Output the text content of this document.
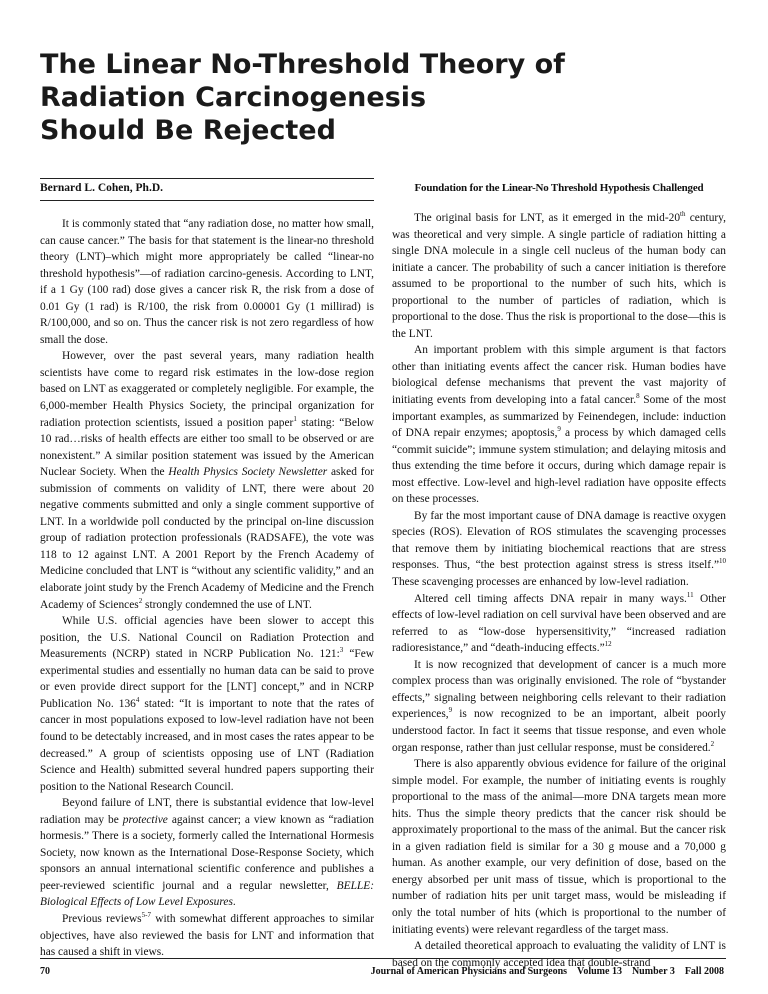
The Linear No-Threshold Theory of
Radiation Carcinogenesis
Should Be Rejected
Bernard L. Cohen, Ph.D.	Foundation for the Linear-No Threshold Hypothesis Challenged

It is commonly stated that “any radiation dose, no matter how small, can cause cancer.” The basis for that statement is the linear-no threshold theory (LNT)–which might more appropriately be called “linear-no threshold hypothesis”—of radiation carcino-genesis. According to LNT, if a 1 Gy (100 rad) dose gives a cancer risk R, the risk from a dose of 0.01 Gy (1 rad) is R/100, the risk from 0.00001 Gy (1 millirad) is R/100,000, and so on. Thus the cancer risk is not zero regardless of how small the dose.

However, over the past several years, many radiation health scientists have come to regard risk estimates in the low-dose region based on LNT as exaggerated or completely negligible. For example, the 6,000-member Health Physics Society, the principal organization for radiation protection scientists, issued a position paper$^1$ stating: “Below 10 rad…risks of health effects are either too small to be observed or are nonexistent.” A similar position statement was issued by the American Nuclear Society. When the Health Physics Society Newsletter asked for submission of comments on validity of LNT, there were about 20 negative comments submitted and only a single comment supportive of LNT. In a worldwide poll conducted by the principal on-line discussion group of radiation protection professionals (RADSAFE), the vote was 118 to 12 against LNT. A 2001 Report by the French Academy of Medicine concluded that LNT is “without any scientific validity,” and an elaborate joint study by the French Academy of Medicine and the French Academy of Sciences$^2$ strongly condemned the use of LNT.

While U.S. official agencies have been slower to accept this position, the U.S. National Council on Radiation Protection and Measurements (NCRP) stated in NCRP Publication No. 121:$^3$ “Few experimental studies and essentially no human data can be said to prove or even provide direct support for the [LNT] concept,” and in NCRP Publication No. $136^4$ stated: “It is important to note that the rates of cancer in most populations exposed to low-level radiation have not been found to be detectably increased, and in most cases the rates appear to be decreased.” A group of scientists opposing use of LNT (Radiation Science and Health) submitted several hundred papers supporting their position to the National Research Council.

Beyond failure of LNT, there is substantial evidence that low-level radiation may be protective against cancer; a view known as “radiation hormesis.” There is a society, formerly called the International Hormesis Society, now known as the International Dose-Response Society, which sponsors an annual international scientific conference and publishes a peer-reviewed scientific journal and a regular newsletter, BELLE: Biological Effects of Low Level Exposures.

Previous reviews$^{5-7}$ with somewhat different approaches to similar objectives, have also reviewed the basis for LNT and information that has caused a shift in views.

The original basis for LNT, as it emerged in the mid-20th century, was theoretical and very simple. A single particle of radiation hitting a single DNA molecule in a single cell nucleus of the human body can initiate a cancer. The probability of such a cancer initiation is therefore assumed to be proportional to the number of such hits, which is proportional to the number of particles of radiation, which is proportional to the dose. Thus the risk is proportional to the dose—this is the LNT.

An important problem with this simple argument is that factors other than initiating events affect the cancer risk. Human bodies have biological defense mechanisms that prevent the vast majority of initiating events from developing into a fatal cancer.$^8$ Some of the most important examples, as summarized by Feinendegen, include: induction of DNA repair enzymes; apoptosis,$^9$ a process by which damaged cells “commit suicide”; immune system stimulation; and delaying mitosis and thus extending the time before it occurs, during which damage repair is most effective. Low-level and high-level radiation have opposite effects on these processes.

By far the most important cause of DNA damage is reactive oxygen species (ROS). Elevation of ROS stimulates the scavenging processes that remove them by initiating biochemical reactions that are stress responses. Thus, “the best protection against stress is stress itself.”$^{10}$ These scavenging processes are enhanced by low-level radiation.

Altered cell timing affects DNA repair in many ways.$^{11}$ Other effects of low-level radiation on cell survival have been observed and are referred to as “low-dose hypersensitivity,” “increased radiation radioresistance,” and “death-inducing effects.”$^{12}$

It is now recognized that development of cancer is a much more complex process than was originally envisioned. The role of “bystander effects,” signaling between neighboring cells relevant to their radiation experiences,$^9$ is now recognized to be an important, albeit poorly understood factor. In fact it seems that tissue response, and even whole organ response, rather than just cellular response, must be considered.$^2$

There is also apparently obvious evidence for failure of the original simple model. For example, the number of initiating events is roughly proportional to the mass of the animal—more DNA targets mean more hits. Thus the simple theory predicts that the cancer risk should be approximately proportional to the mass of the animal. But the cancer risk in a given radiation field is similar for a 30 g mouse and a 70,000 g human. As another example, our very definition of dose, based on the energy absorbed per unit mass of tissue, which is proportional to the number of radiation hits per unit target mass, would be misleading if only the total number of hits (which is proportional to the number of initiating events) were relevant regardless of the target mass.

A detailed theoretical approach to evaluating the validity of LNT is based on the commonly accepted idea that double-strand

70	Journal of American Physicians and Surgeons Volume 13 Number 3 Fall 2008
